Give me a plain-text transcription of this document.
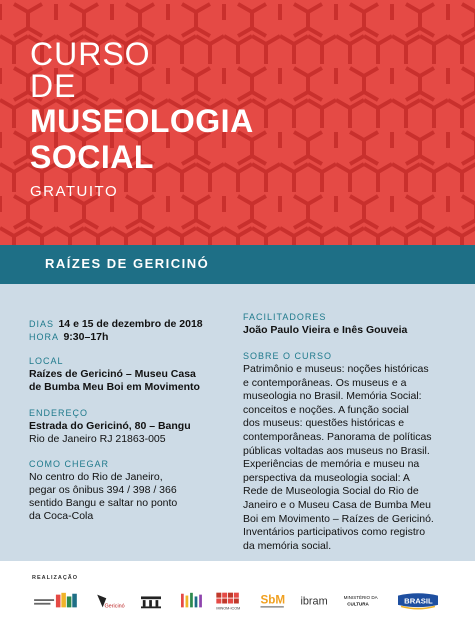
CURSO
DE
MUSEOLOGIA
SOCIAL
GRATUITO
RAÍZES DE GERICINÓ
DIAS 14 e 15 de dezembro de 2018
HORA 9:30–17h
LOCAL
Raízes de Gericinó – Museu Casa
de Bumba Meu Boi em Movimento
ENDEREÇO
Estrada do Gericinó, 80 – Bangu
Rio de Janeiro RJ 21863-005
COMO CHEGAR
No centro do Rio de Janeiro,
pegar os ônibus 394 / 398 / 366
sentido Bangu e saltar no ponto
da Coca-Cola
FACILITADORES
João Paulo Vieira e Inês Gouveia
SOBRE O CURSO
Patrimônio e museus: noções históricas
e contemporâneas. Os museus e a
museologia no Brasil. Memória Social:
conceitos e noções. A função social
dos museus: questões históricas e
contemporâneas. Panorama de políticas
públicas voltadas aos museus no Brasil.
Experiências de memória e museu na
perspectiva da museologia social: A
Rede de Museologia Social do Rio de
Janeiro e o Museu Casa de Bumba Meu
Boi em Movimento – Raízes de Gericinó.
Inventários participativos como registro
da memória social.
REALIZAÇÃO
Gericinó	MINOM-ICOM
SbM ibram	MINISTÉRIO DA
CULTURA	BRASIL
